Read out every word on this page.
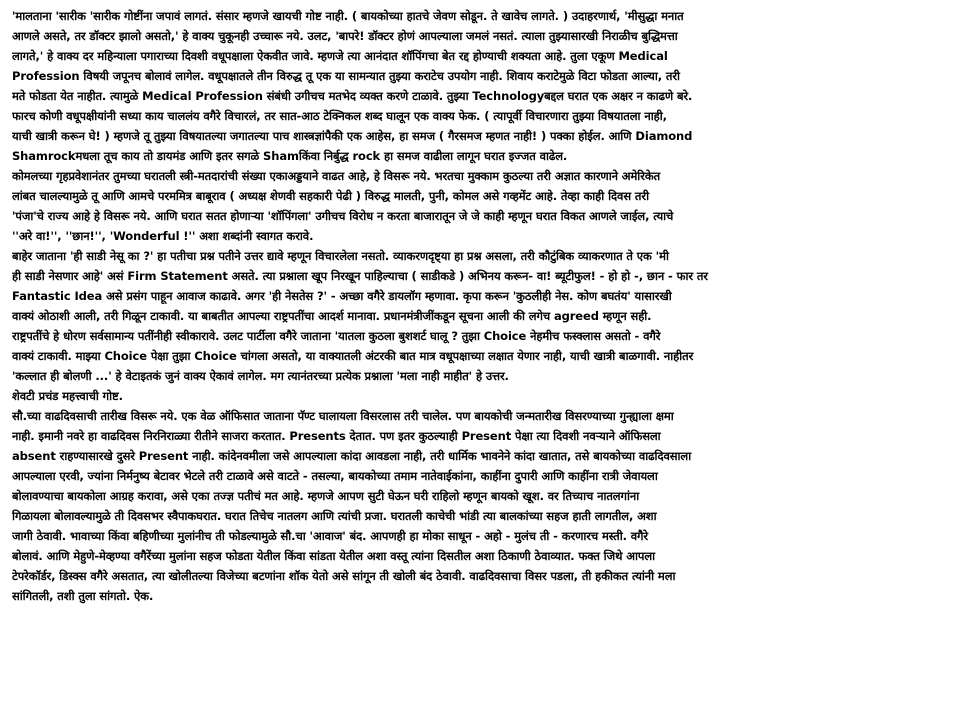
'मालताना 'सारीक 'सारीक गोष्टींना जपावं लागतं. संसार म्हणजे खायची गोष्ट नाही. ( बायकोच्या हातचे जेवण सोडून. ते खावेच लागते. ) उदाहरणार्थ, 'मीसुद्धा मनात
आणले असते, तर डॉक्टर झालो असतो,' हे वाक्य चुकूनही उच्चारू नये. उलट, 'बापरे! डॉक्टर होणं आपल्याला जमलं नसतं. त्याला तुझ्यासारखी निराळीच बुद्धिमत्ता
लागते,' हे वाक्य दर महिन्याला पगाराच्या दिवशी वधूपक्षाला ऐकवीत जावे. म्हणजे त्या आनंदात शॉपिंगचा बेत रद्द होण्याची शक्यता आहे. तुला एकूण Medical
Profession विषयी जपूनच बोलावं लागेल. वधूपक्षातले तीन विरुद्ध तू एक या सामन्यात तुझ्या कराटेच उपयोग नाही. शिवाय कराटेमुळे विटा फोडता आल्या, तरी
मते फोडता येत नाहीत. त्यामुळे Medical Profession संबंधी उगीचच मतभेद व्यक्त करणे टाळावे. तुझ्या Technologyबद्दल घरात एक अक्षर न काढणे बरे.
फारच कोणी वधूपक्षीयांनी सध्या काय चाललंय वगैरे विचारलं, तर सात-आठ टेक्निकल शब्द घालून एक वाक्य फेक. ( त्यापूर्वी विचारणारा तुझ्या विषयातला नाही,
याची खात्री करून घे! ) म्हणजे तू तुझ्या विषयातल्या जगातल्या पाच शास्त्रज्ञांपैकी एक आहेस, हा समज ( गैरसमज म्हणत नाही! ) पक्का होईल. आणि Diamond
Shamrockमधला तूच काय तो डायमंड आणि इतर सगळे Shamकिंवा निर्बुद्ध rock हा समज वाढीला लागून घरात इज्जत वाढेल.
कोमलच्या गृहप्रवेशानंतर तुमच्या घरातली स्त्री-मतदारांची संख्या एकाअड्डयाने वाढत आहे, हे विसरू नये. भरतचा मुक्काम कुठल्या तरी अज्ञात कारणाने अमेरिकेत
लांबत चालल्यामुळे तू आणि आमचे परममित्र बाबूराव ( अध्यक्ष शेणवी सहकारी पेढी ) विरुद्ध मालती, पुनी, कोमल असे गव्हमेंट आहे. तेव्हा काही दिवस तरी
'पंजा'चे राज्य आहे हे विसरू नये. आणि घरात सतत होणाऱ्या 'शॉपिंगला' उगीचच विरोध न करता बाजारातून जे जे काही म्हणून घरात विकत आणले जाईल, त्याचे
''अरे वा!'', ''छान!'', 'Wonderful !'' अशा शब्दांनी स्वागत करावे.
बाहेर जाताना 'ही साडी नेसू का ?' हा पतीचा प्रश्न पतीने उत्तर द्यावे म्हणून विचारलेला नसतो. व्याकरणदृष्ट्या हा प्रश्न असला, तरी कौटुंबिक व्याकरणात ते एक 'मी
ही साडी नेसणार आहे' असं Firm Statement असते. त्या प्रश्नाला खूप निरखून पाहिल्याचा ( साडीकडे ) अभिनय करून- वा! ब्यूटीफुल! - हो हो -, छान - फार तर
Fantastic Idea असे प्रसंग पाहून आवाज काढावे. अगर 'ही नेसतेस ?' - अच्छा वगैरे डायलॉग म्हणावा. कृपा करून 'कुठलीही नेस. कोण बघतंय' यासारखी
वाक्यं ओठाशी आली, तरी गिळून टाकावी. या बाबतीत आपल्या राष्ट्रपतींचा आदर्श मानावा. प्रधानमंत्रीजींकडून सूचना आली की लगेच agreed म्हणून सही.
राष्ट्रपतींचे हे धोरण सर्वसामान्य पतींनीही स्वीकारावे. उलट पार्टीला वगैरे जाताना 'यातला कुठला बुशशर्ट घालू ? तुझा Choice नेहमीच फस्क्लास असतो - वगैरे
वाक्यं टाकावी. माझ्या Choice पेक्षा तुझा Choice चांगला असतो, या वाक्यातली अंटरकी बात मात्र वधूपक्षाच्या लक्षात येणार नाही, याची खात्री बाळगावी. नाहीतर
'कल्लात ही बोलणी ...' हे वेटाइतकं जुनं वाक्य ऐकावं लागेल. मग त्यानंतरच्या प्रत्येक प्रश्नाला 'मला नाही माहीत' हे उत्तर.
शेवटी प्रचंड महत्त्वाची गोष्ट.
सौ.च्या वाढदिवसाची तारीख विसरू नये. एक वेळ ऑफिसात जाताना पॅण्ट घालायला विसरलास तरी चालेल. पण बायकोची जन्मतारीख विसरण्याच्या गुन्ह्याला क्षमा
नाही. इमानी नवरे हा वाढदिवस निरनिराळ्या रीतीने साजरा करतात. Presents देतात. पण इतर कुठल्याही Present पेक्षा त्या दिवशी नवऱ्याने ऑफिसला
absent राहण्यासारखे दुसरे Present नाही. कांदेनवमीला जसे आपल्याला कांदा आवडला नाही, तरी धार्मिक भावनेने कांदा खातात, तसे बायकोच्या वाढदिवसाला
आपल्याला एरवी, ज्यांना निर्मनुष्य बेटावर भेटले तरी टाळावे असे वाटते - तसल्या, बायकोच्या तमाम नातेवाईकांना, काहींना दुपारी आणि काहींना रात्री जेवायला
बोलावण्याचा बायकोला आग्रह करावा, असे एका तज्ज्ञ पतीचं मत आहे. म्हणजे आपण सुटी घेऊन घरी राहिलो म्हणून बायको खूश. वर तिच्याच नातलगांना
गिळायला बोलावल्यामुळे ती दिवसभर स्वैपाकघरात. घरात तिचेच नातलग आणि त्यांची प्रजा. घरातली काचेची भांडी त्या बालकांच्या सहज हाती लागतील, अशा
जागी ठेवावी. भावाच्या किंवा बहिणीच्या मुलांनीच ती फोडल्यामुळे सौ.चा 'आवाज' बंद. आपणही हा मोका साधून - अहो - मुलंच ती - करणारच मस्ती. वगैरे
बोलावं. आणि मेहुणे-मेव्हण्या वगैरेंच्या मुलांना सहज फोडता येतील किंवा सांडता येतील अशा वस्तू त्यांना दिसतील अशा ठिकाणी ठेवाव्यात. फक्त जिथे आपला
टेपरेकॉर्डर, डिस्क्स वगैरे असतात, त्या खोलीतल्या विजेच्या बटणांना शॉक येतो असे सांगून ती खोली बंद ठेवावी. वाढदिवसाचा विसर पडला, ती हकीकत त्यांनी मला
सांगितली, तशी तुला सांगतो. ऐक.
